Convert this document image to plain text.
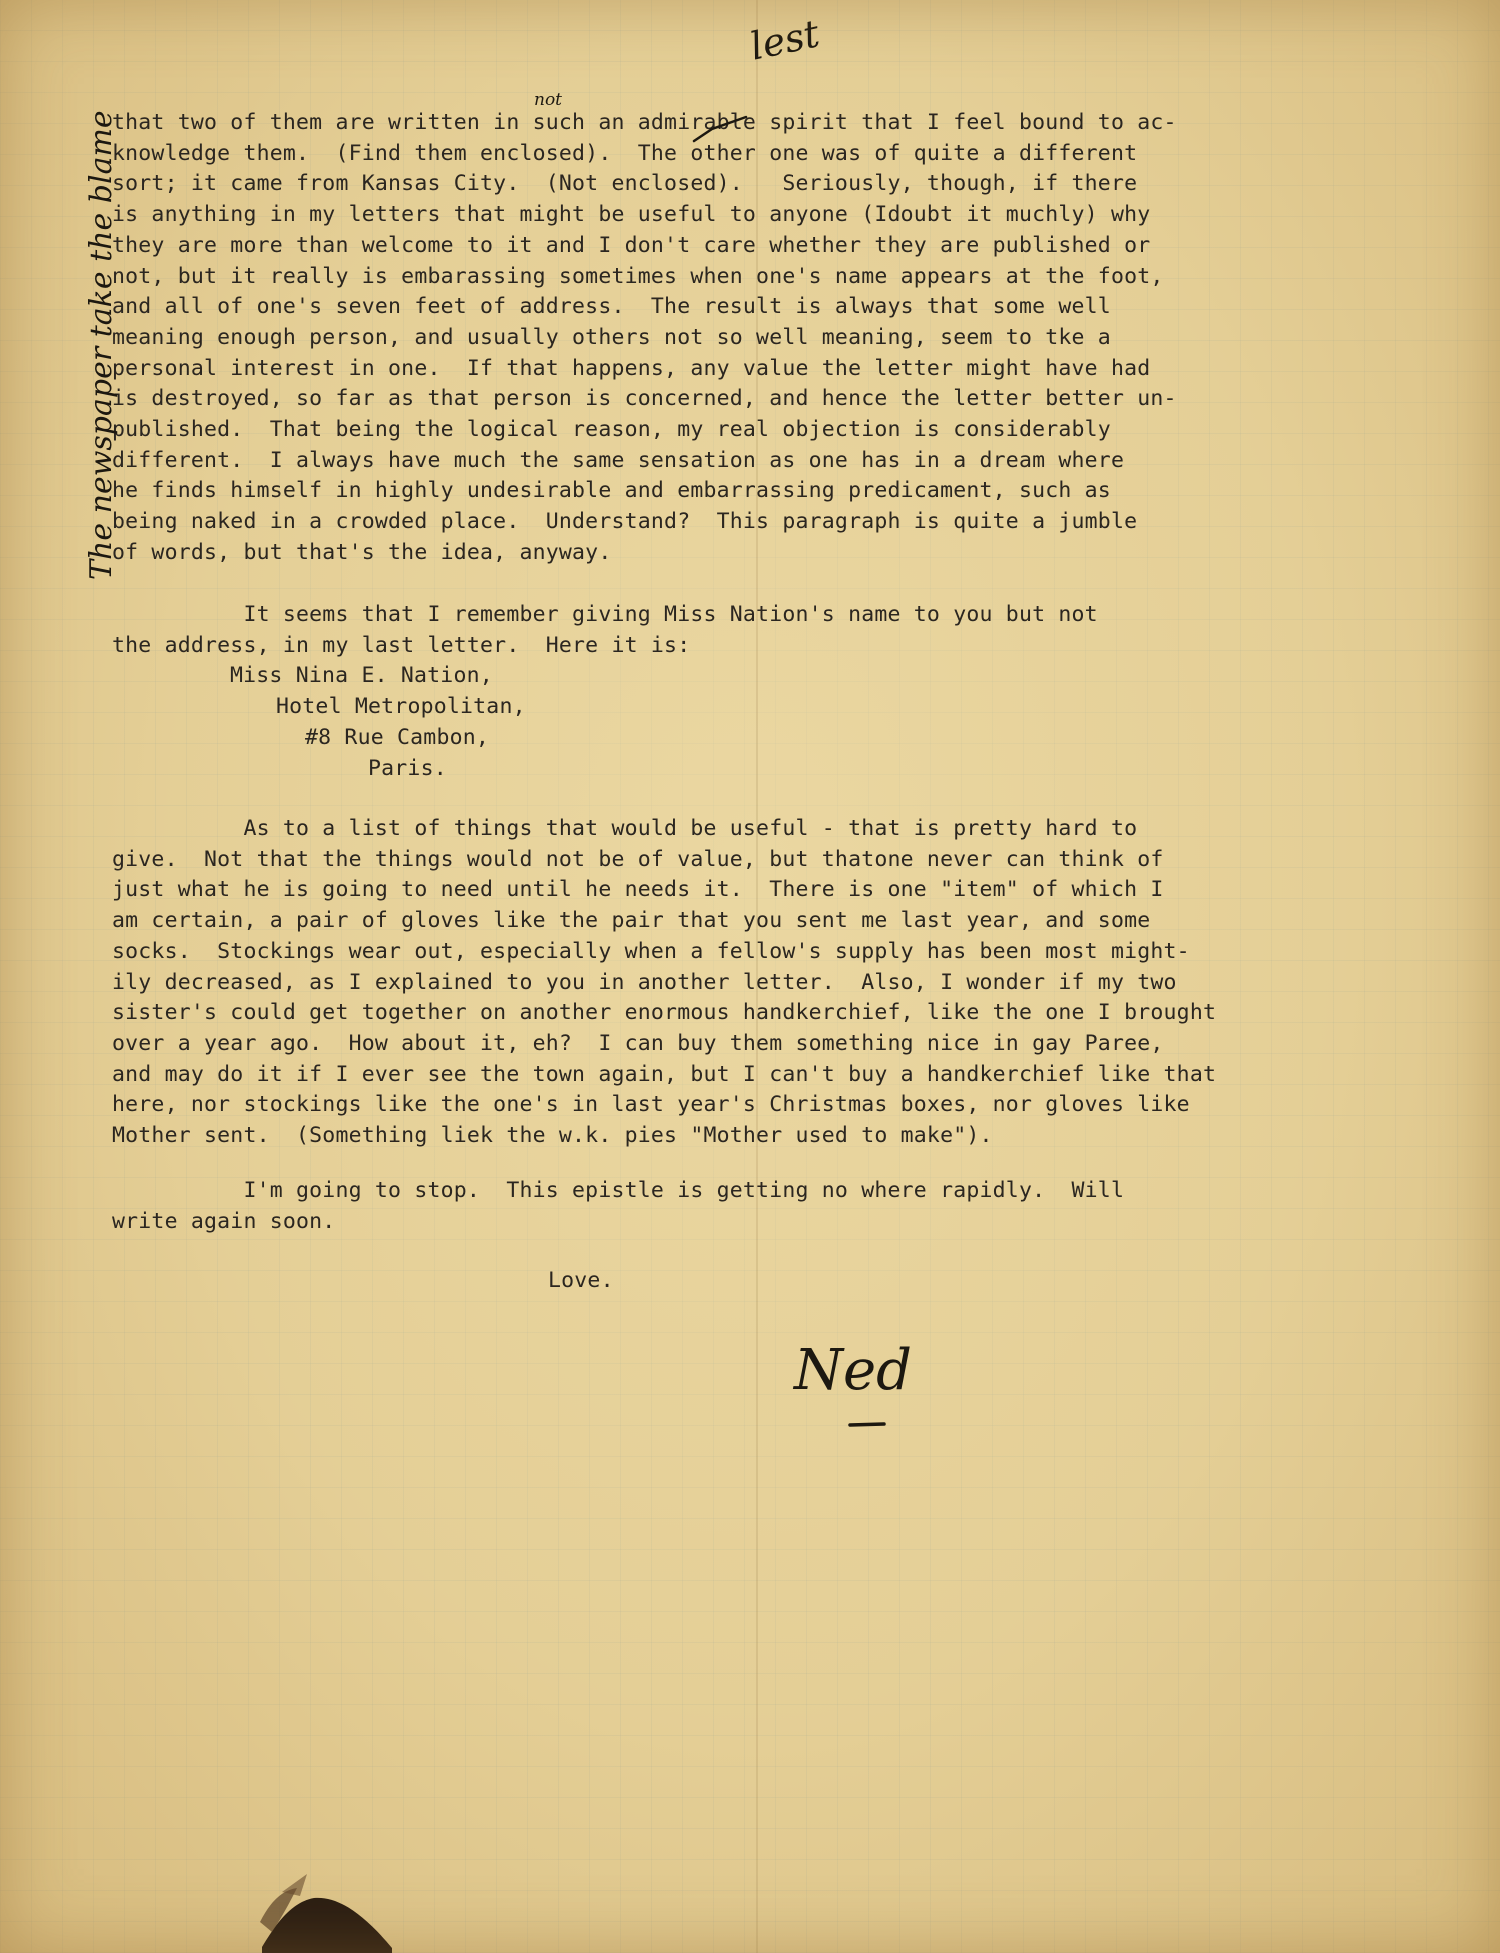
that two of them are written in such an admirable spirit that I feel bound to ac-
knowledge them.  (Find them enclosed).  The other one was of quite a different
sort; it came from Kansas City.  (Not enclosed).   Seriously, though, if there
is anything in my letters that might be useful to anyone (Idoubt it muchly) why
they are more than welcome to it and I don't care whether they are published or
not, but it really is embarassing sometimes when one's name appears at the foot,
and all of one's seven feet of address.  The result is always that some well
meaning enough person, and usually others not so well meaning, seem to tke a
personal interest in one.  If that happens, any value the letter might have had
is destroyed, so far as that person is concerned, and hence the letter better un-
published.  That being the logical reason, my real objection is considerably
different.  I always have much the same sensation as one has in a dream where
he finds himself in highly undesirable and embarrassing predicament, such as
being naked in a crowded place.  Understand?  This paragraph is quite a jumble
of words, but that's the idea, anyway.
It seems that I remember giving Miss Nation's name to you but not
the address, in my last letter.  Here it is:
Miss Nina E. Nation,
Hotel Metropolitan,
#8 Rue Cambon,
Paris.
As to a list of things that would be useful - that is pretty hard to
give.  Not that the things would not be of value, but thatone never can think of
just what he is going to need until he needs it.  There is one "item" of which I
am certain, a pair of gloves like the pair that you sent me last year, and some
socks.  Stockings wear out, especially when a fellow's supply has been most might-
ily decreased, as I explained to you in another letter.  Also, I wonder if my two
sister's could get together on another enormous handkerchief, like the one I brought
over a year ago.  How about it, eh?  I can buy them something nice in gay Paree,
and may do it if I ever see the town again, but I can't buy a handkerchief like that
here, nor stockings like the one's in last year's Christmas boxes, nor gloves like
Mother sent.  (Something liek the w.k. pies "Mother used to make").
I'm going to stop.  This epistle is getting no where rapidly.  Will
write again soon.
Love.
Ned
The newspaper take the blame
lest
not
